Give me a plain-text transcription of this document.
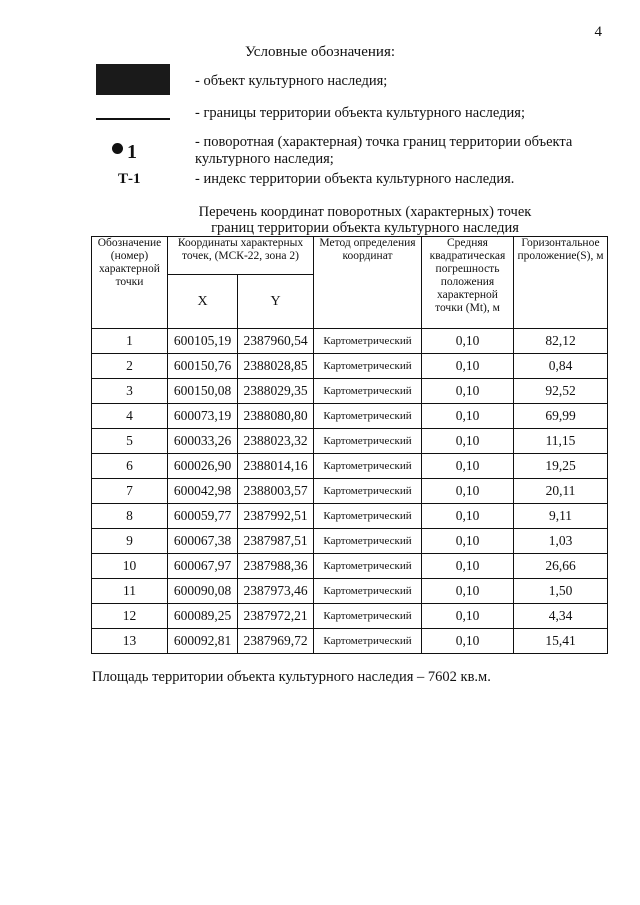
4
Условные обозначения:
- объект культурного наследия;
- границы территории объекта культурного наследия;
1	- поворотная (характерная) точка границ территории объекта культурного наследия;
Т-1	- индекс территории объекта культурного наследия.
Перечень координат поворотных (характерных) точек
границ территории объекта культурного наследия
Обозначение (номер) характерной точки	Координаты характерных точек, (МСК-22, зона 2)		Метод определения координат	Средняя квадратическая погрешность положения характерной точки (Mt), м	Горизонтальное проложение(S), м
	X	Y			
1	600105,19	2387960,54	Картометрический	0,10	82,12
2	600150,76	2388028,85	Картометрический	0,10	0,84
3	600150,08	2388029,35	Картометрический	0,10	92,52
4	600073,19	2388080,80	Картометрический	0,10	69,99
5	600033,26	2388023,32	Картометрический	0,10	11,15
6	600026,90	2388014,16	Картометрический	0,10	19,25
7	600042,98	2388003,57	Картометрический	0,10	20,11
8	600059,77	2387992,51	Картометрический	0,10	9,11
9	600067,38	2387987,51	Картометрический	0,10	1,03
10	600067,97	2387988,36	Картометрический	0,10	26,66
11	600090,08	2387973,46	Картометрический	0,10	1,50
12	600089,25	2387972,21	Картометрический	0,10	4,34
13	600092,81	2387969,72	Картометрический	0,10	15,41
Площадь территории объекта культурного наследия – 7602 кв.м.
